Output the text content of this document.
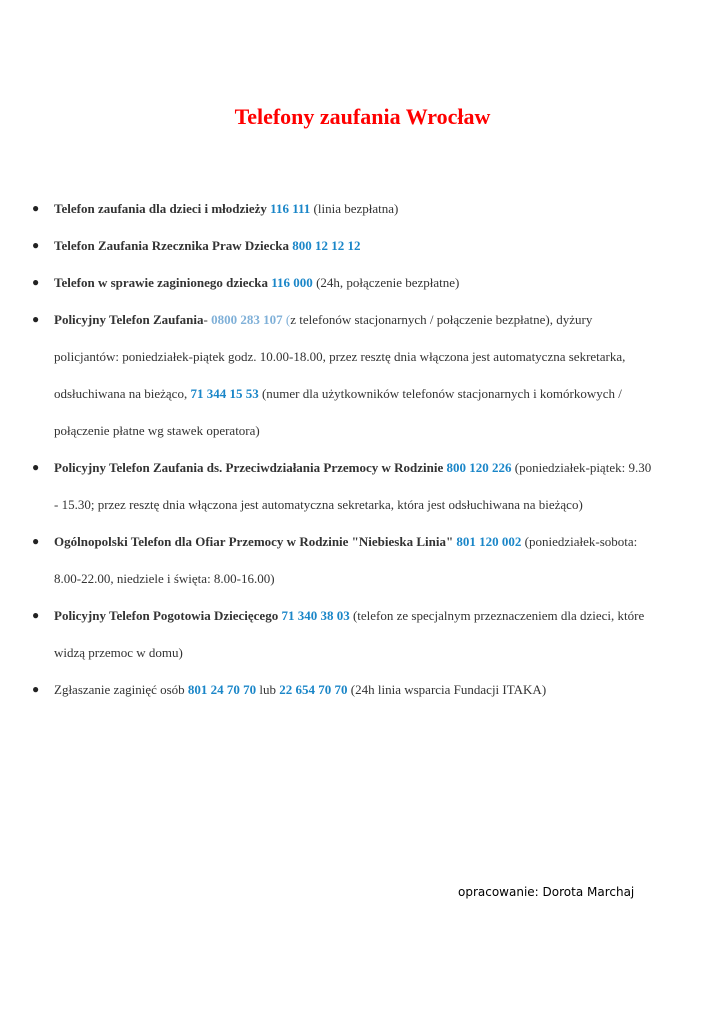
Telefony zaufania Wrocław
● Telefon zaufania dla dzieci i młodzieży 116 111 (linia bezpłatna)
● Telefon Zaufania Rzecznika Praw Dziecka 800 12 12 12
● Telefon w sprawie zaginionego dziecka 116 000 (24h, połączenie bezpłatne)
● Policyjny Telefon Zaufania- 0800 283 107 (z telefonów stacjonarnych / połączenie bezpłatne), dyżury policjantów: poniedziałek-piątek godz. 10.00-18.00, przez resztę dnia włączona jest automatyczna sekretarka, odsłuchiwana na bieżąco, 71 344 15 53 (numer dla użytkowników telefonów stacjonarnych i komórkowych / połączenie płatne wg stawek operatora)
● Policyjny Telefon Zaufania ds. Przeciwdziałania Przemocy w Rodzinie 800 120 226 (poniedziałek-piątek: 9.30 - 15.30; przez resztę dnia włączona jest automatyczna sekretarka, która jest odsłuchiwana na bieżąco)
● Ogólnopolski Telefon dla Ofiar Przemocy w Rodzinie "Niebieska Linia" 801 120 002 (poniedziałek-sobota: 8.00-22.00, niedziele i święta: 8.00-16.00)
● Policyjny Telefon Pogotowia Dziecięcego 71 340 38 03 (telefon ze specjalnym przeznaczeniem dla dzieci, które widzą przemoc w domu)
● Zgłaszanie zaginięć osób 801 24 70 70 lub 22 654 70 70 (24h linia wsparcia Fundacji ITAKA)

opracowanie: Dorota Marchaj
